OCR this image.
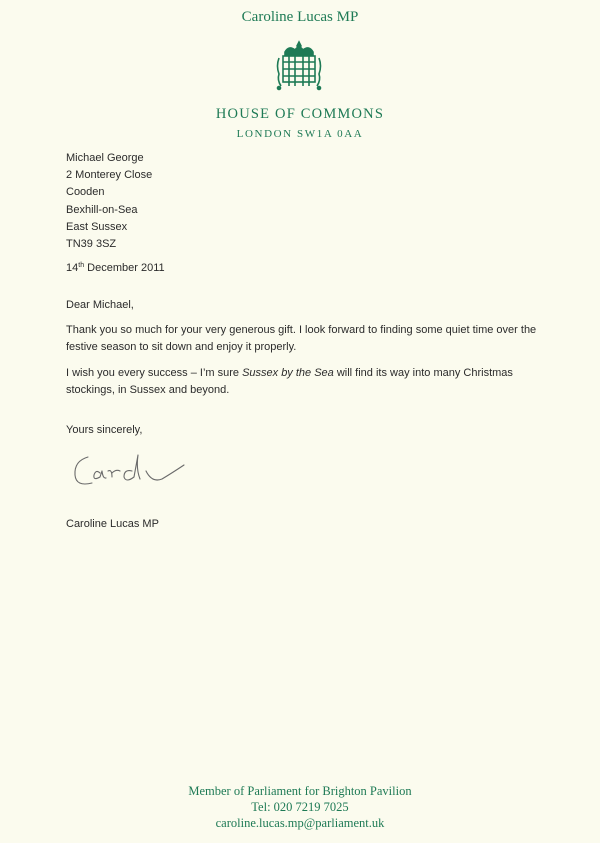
Caroline Lucas MP
HOUSE OF COMMONS
LONDON SW1A 0AA
Michael George
2 Monterey Close
Cooden
Bexhill-on-Sea
East Sussex
TN39 3SZ
14th December 2011
Dear Michael,
Thank you so much for your very generous gift. I look forward to finding some quiet time over the festive season to sit down and enjoy it properly.
I wish you every success – I’m sure Sussex by the Sea will find its way into many Christmas stockings, in Sussex and beyond.
Yours sincerely,
Caroline Lucas MP
Member of Parliament for Brighton Pavilion
Tel: 020 7219 7025
caroline.lucas.mp@parliament.uk
